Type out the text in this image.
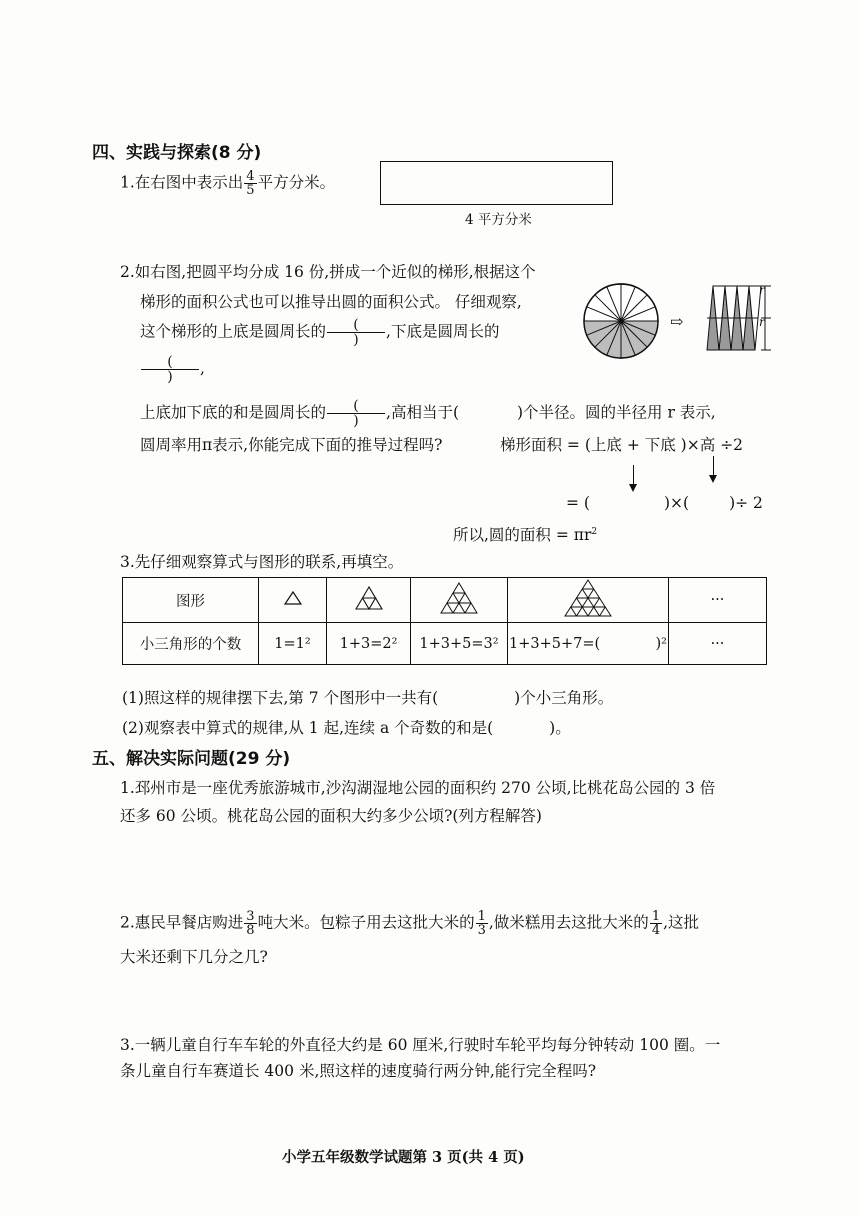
四、实践与探索(8 分)
1.在右图中表示出 $\frac{4}{5}$ 平方分米。
4 平方分米
2.如右图,把圆平均分成 16 份,拼成一个近似的梯形,根据这个
梯形的面积公式也可以推导出圆的面积公式。 仔细观察,
这个梯形的上底是圆周长的	(
)	,下底是圆周长的
(
)	,
上底加下底的和是圆周长的	(
)	,高相当于(	)个半径。圆的半径用 r 表示,
圆周率用π表示,你能完成下面的推导过程吗?	梯形面积 = (上底 + 下底 )×高 ÷2
= (	)×(	)÷ 2
所以,圆的面积 = $\pi r^2$
⇨
r
r
3.先仔细观察算式与图形的联系,再填空。
图形					···
小三角形的个数	1=1²	1+3=2²	1+3+5=3²	1+3+5+7=(            )²	···
(1)照这样的规律摆下去,第 7 个图形中一共有(	)个小三角形。
(2)观察表中算式的规律,从 1 起,连续 a 个奇数的和是(	)。
五、解决实际问题(29 分)
1.邳州市是一座优秀旅游城市,沙沟湖湿地公园的面积约 270 公顷,比桃花岛公园的 3 倍
还多 60 公顷。桃花岛公园的面积大约多少公顷?(列方程解答)
2.惠民早餐店购进 $\frac{3}{8}$ 吨大米。包粽子用去这批大米的 $\frac{1}{3}$ ,做米糕用去这批大米的 $\frac{1}{4}$ ,这批
大米还剩下几分之几?
3.一辆儿童自行车车轮的外直径大约是 60 厘米,行驶时车轮平均每分钟转动 100 圈。一
条儿童自行车赛道长 400 米,照这样的速度骑行两分钟,能行完全程吗?
小学五年级数学试题第 3 页(共 4 页)
